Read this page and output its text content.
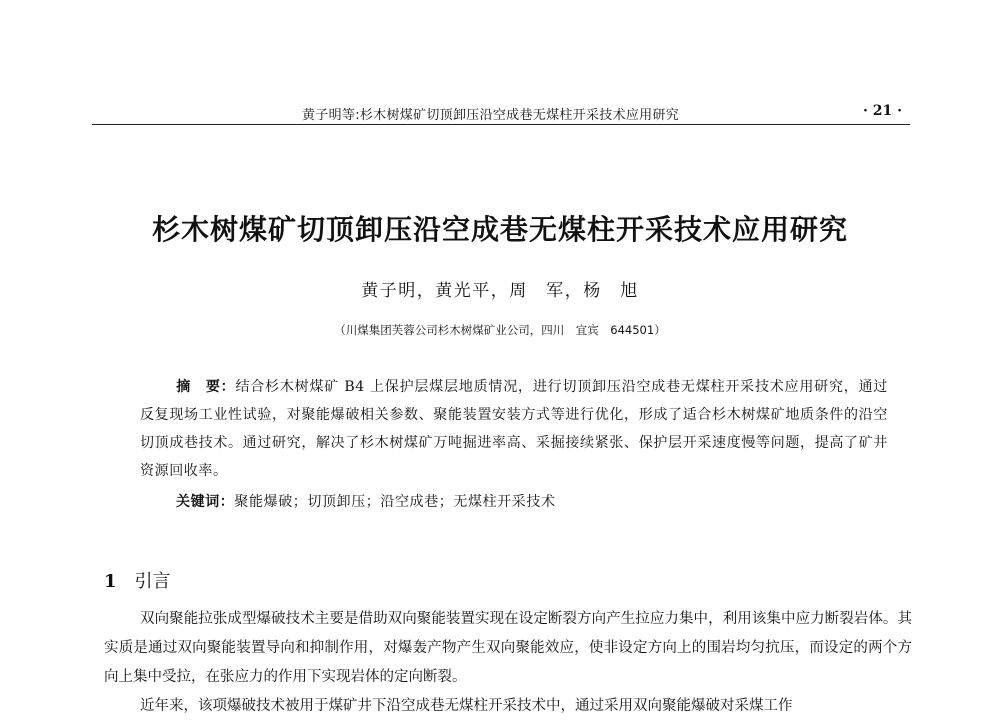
黄子明等:杉木树煤矿切顶卸压沿空成巷无煤柱开采技术应用研究	· 21 ·
杉木树煤矿切顶卸压沿空成巷无煤柱开采技术应用研究
黄子明，黄光平，周　军，杨　旭
（川煤集团芙蓉公司杉木树煤矿业公司，四川　宜宾　644501）
摘　要：结合杉木树煤矿 B4 上保护层煤层地质情况，进行切顶卸压沿空成巷无煤柱开采技术应用研究，通过反复现场工业性试验，对聚能爆破相关参数、聚能装置安装方式等进行优化，形成了适合杉木树煤矿地质条件的沿空切顶成巷技术。通过研究，解决了杉木树煤矿万吨掘进率高、采掘接续紧张、保护层开采速度慢等问题，提高了矿井资源回收率。
关键词：聚能爆破；切顶卸压；沿空成巷；无煤柱开采技术
1 引言

双向聚能拉张成型爆破技术主要是借助双向聚能装置实现在设定断裂方向产生拉应力集中，利用该集中应力断裂岩体。其实质是通过双向聚能装置导向和抑制作用，对爆轰产物产生双向聚能效应，使非设定方向上的围岩均匀抗压，而设定的两个方向上集中受拉，在张应力的作用下实现岩体的定向断裂。

近年来，该项爆破技术被用于煤矿井下沿空成巷无煤柱开采技术中，通过采用双向聚能爆破对采煤工作
